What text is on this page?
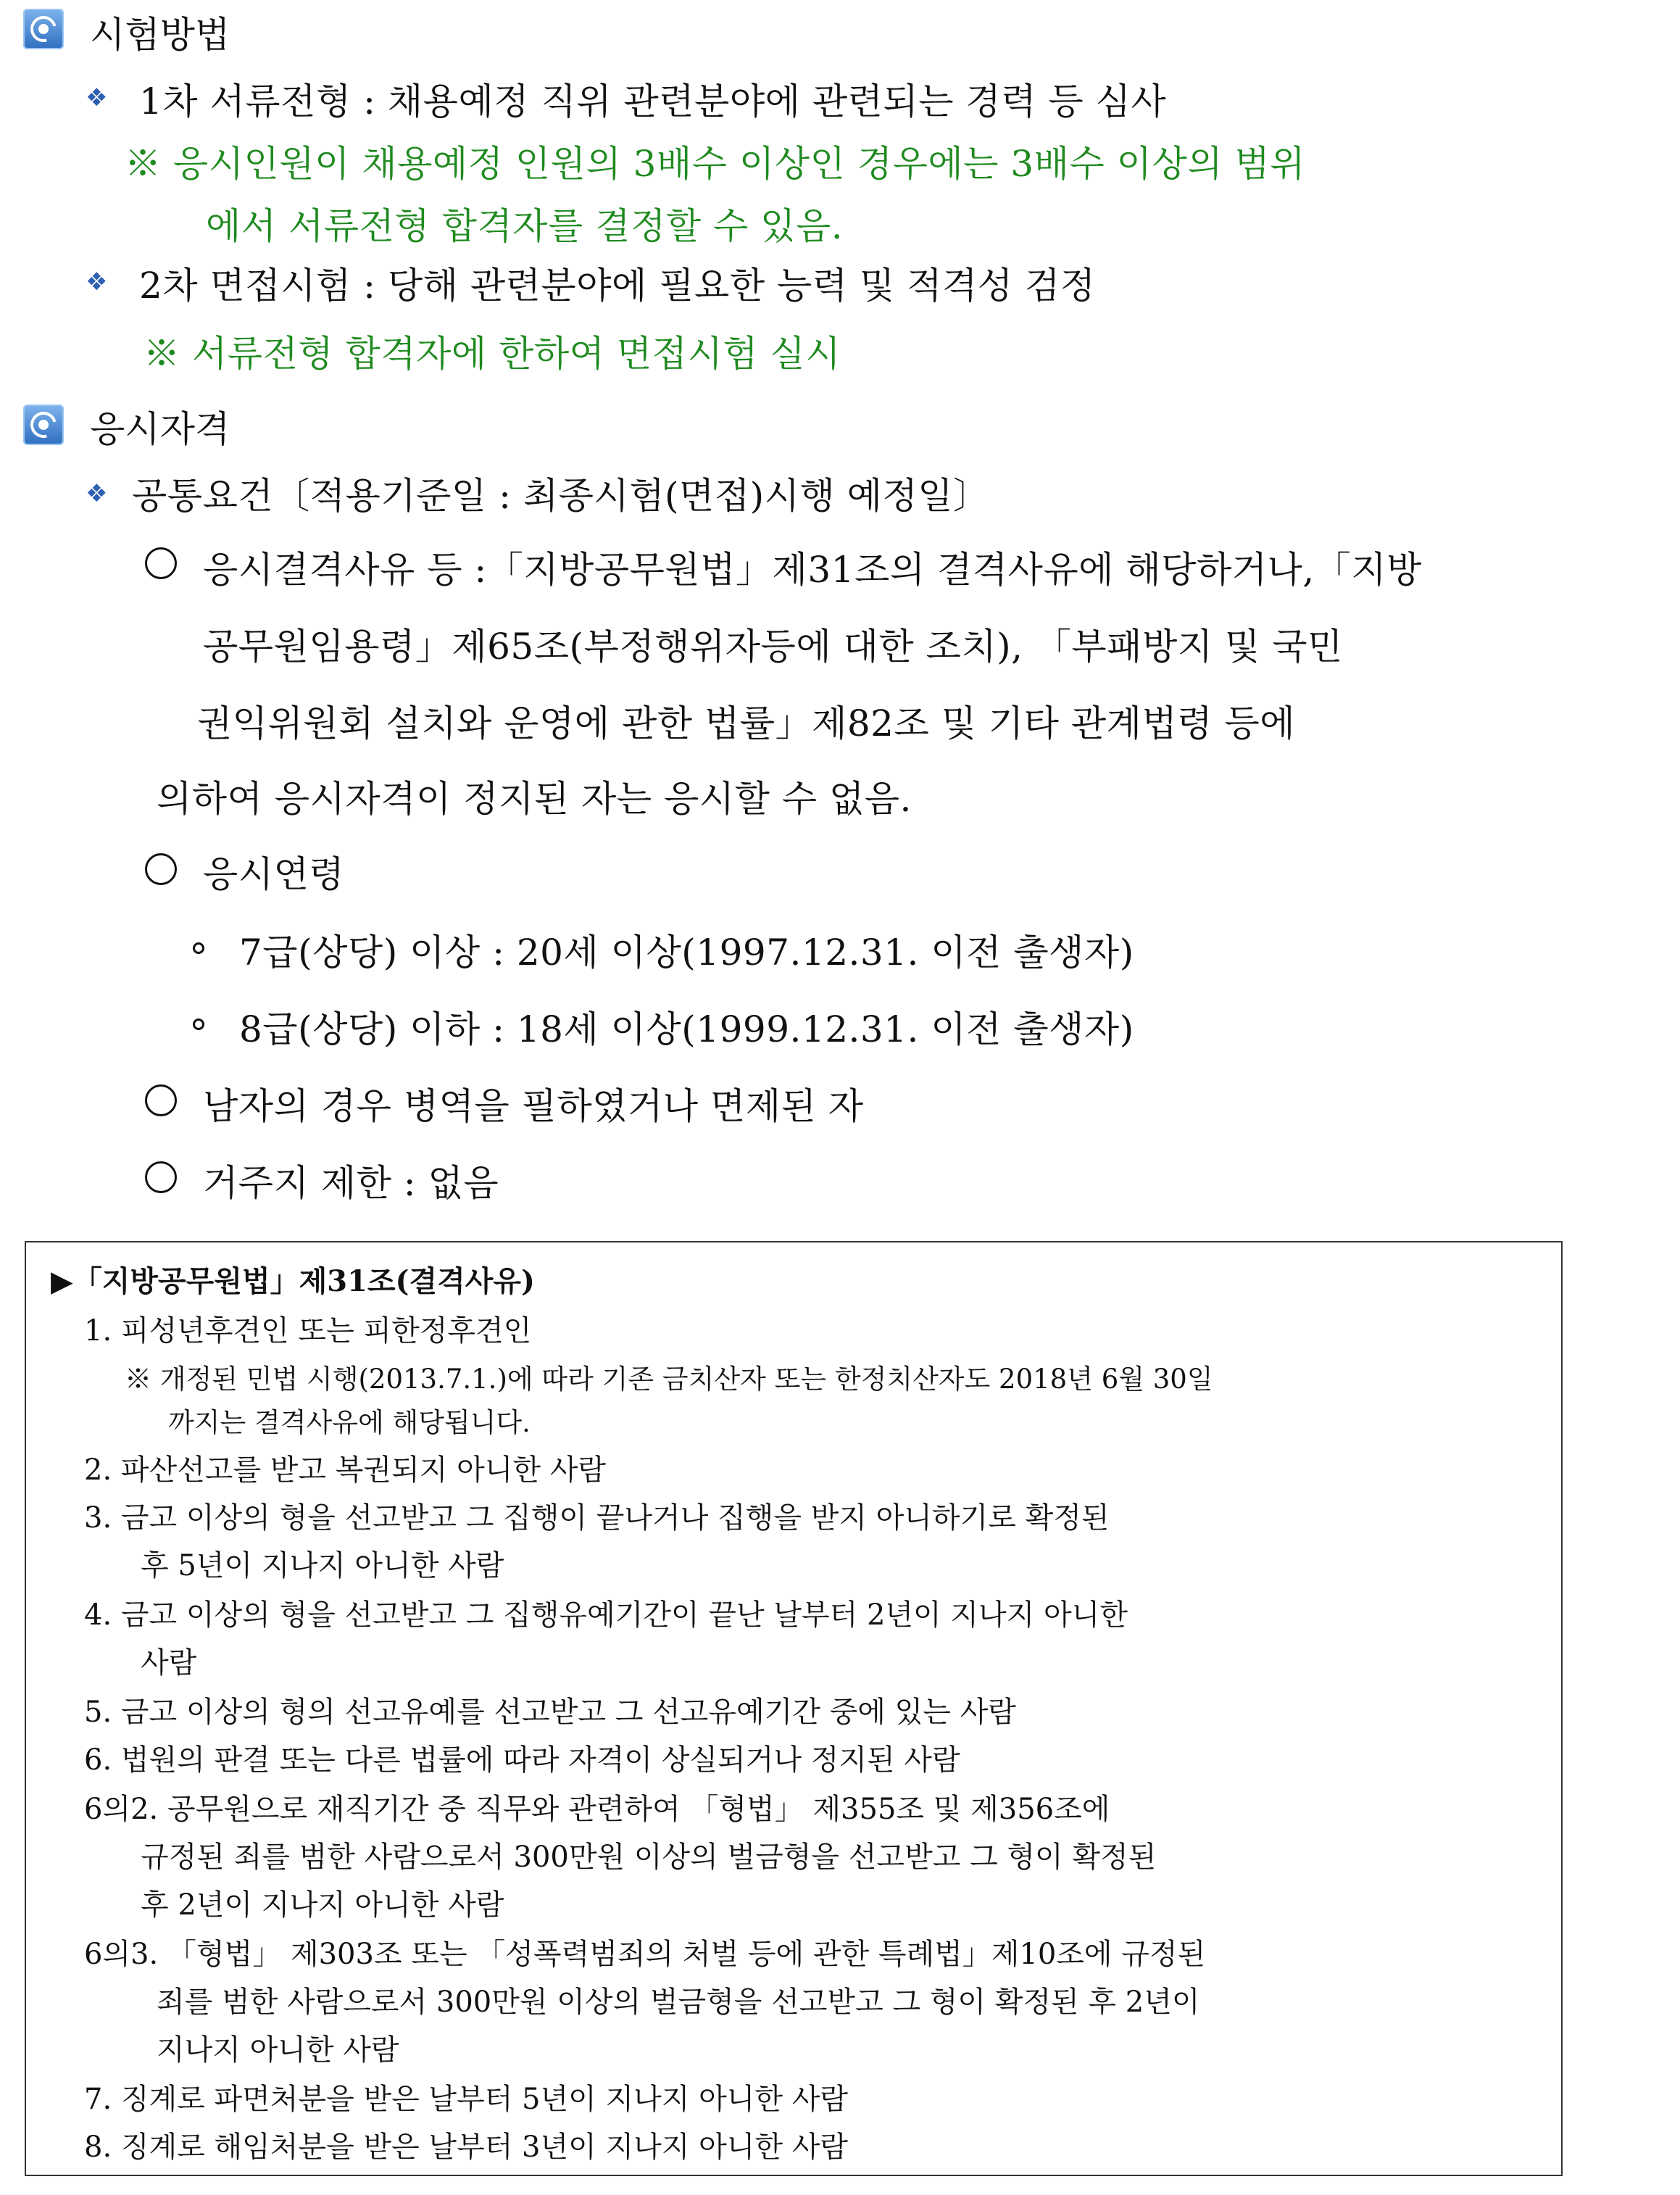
시험방법
❖ 1차 서류전형 : 채용예정 직위 관련분야에 관련되는 경력 등 심사
※ 응시인원이 채용예정 인원의 3배수 이상인 경우에는 3배수 이상의 범위
에서 서류전형 합격자를 결정할 수 있음.
❖ 2차 면접시험 : 당해 관련분야에 필요한 능력 및 적격성 검정
※ 서류전형 합격자에 한하여 면접시험 실시
응시자격
❖ 공통요건〔적용기준일 : 최종시험(면접)시행 예정일〕
응시결격사유 등 :「지방공무원법」제31조의 결격사유에 해당하거나,「지방
공무원임용령」제65조(부정행위자등에 대한 조치), 「부패방지 및 국민
권익위원회 설치와 운영에 관한 법률」제82조 및 기타 관계법령 등에
의하여 응시자격이 정지된 자는 응시할 수 없음.
응시연령
7급(상당) 이상 : 20세 이상(1997.12.31. 이전 출생자)
8급(상당) 이하 : 18세 이상(1999.12.31. 이전 출생자)
남자의 경우 병역을 필하였거나 면제된 자
거주지 제한 : 없음
▶「지방공무원법」제31조(결격사유)
1. 피성년후견인 또는 피한정후견인
※ 개정된 민법 시행(2013.7.1.)에 따라 기존 금치산자 또는 한정치산자도 2018년 6월 30일
까지는 결격사유에 해당됩니다.
2. 파산선고를 받고 복권되지 아니한 사람
3. 금고 이상의 형을 선고받고 그 집행이 끝나거나 집행을 받지 아니하기로 확정된
후 5년이 지나지 아니한 사람
4. 금고 이상의 형을 선고받고 그 집행유예기간이 끝난 날부터 2년이 지나지 아니한
사람
5. 금고 이상의 형의 선고유예를 선고받고 그 선고유예기간 중에 있는 사람
6. 법원의 판결 또는 다른 법률에 따라 자격이 상실되거나 정지된 사람
6의2. 공무원으로 재직기간 중 직무와 관련하여 「형법」 제355조 및 제356조에
규정된 죄를 범한 사람으로서 300만원 이상의 벌금형을 선고받고 그 형이 확정된
후 2년이 지나지 아니한 사람
6의3. 「형법」 제303조 또는 「성폭력범죄의 처벌 등에 관한 특례법」제10조에 규정된
죄를 범한 사람으로서 300만원 이상의 벌금형을 선고받고 그 형이 확정된 후 2년이
지나지 아니한 사람
7. 징계로 파면처분을 받은 날부터 5년이 지나지 아니한 사람
8. 징계로 해임처분을 받은 날부터 3년이 지나지 아니한 사람
